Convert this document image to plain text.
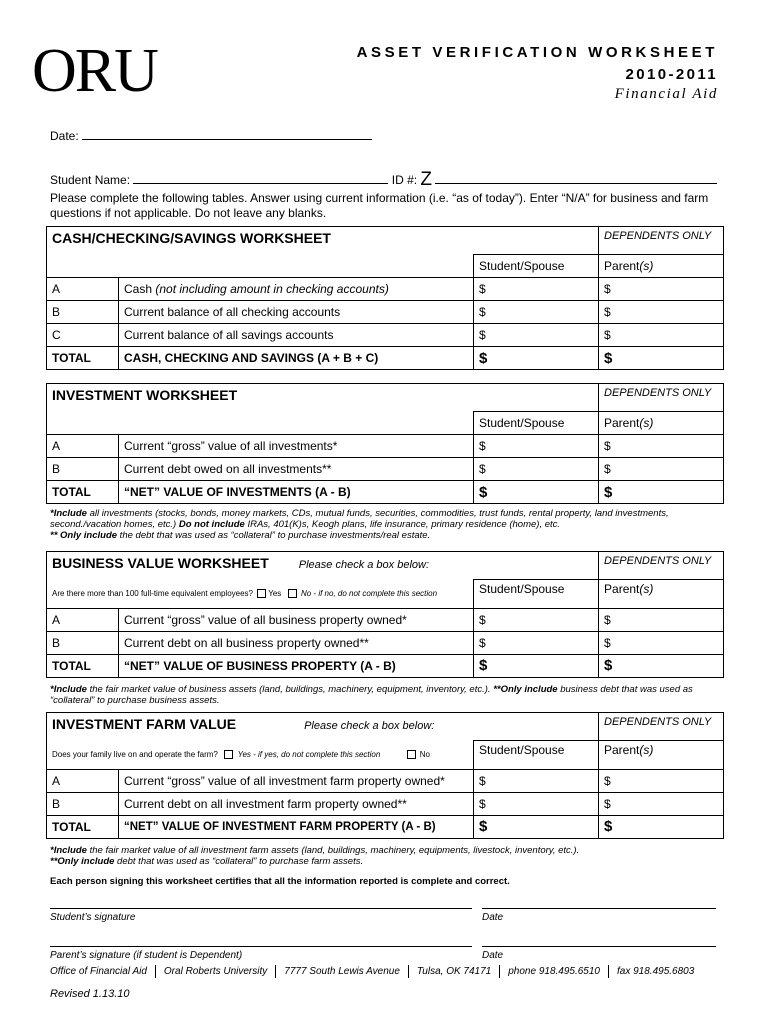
ORU	ASSET VERIFICATION WORKSHEET
2010-2011
Financial Aid
Date:
Student Name:	ID #: Z
Please complete the following tables. Answer using current information (i.e. “as of today”). Enter “N/A” for business and farm questions if not applicable. Do not leave any blanks.
CASH/CHECKING/SAVINGS WORKSHEET			DEPENDENTS ONLY
		Student/Spouse	Parent(s)
A	Cash (not including amount in checking accounts)	$	$
B	Current balance of all checking accounts	$	$
C	Current balance of all savings accounts	$	$
TOTAL	CASH, CHECKING AND SAVINGS (A + B + C)	$	$
INVESTMENT WORKSHEET			DEPENDENTS ONLY
		Student/Spouse	Parent(s)
A	Current “gross” value of all investments*	$	$
B	Current debt owed on all investments**	$	$
TOTAL	“NET” VALUE OF INVESTMENTS (A - B)	$	$
*Include all investments (stocks, bonds, money markets, CDs, mutual funds, securities, commodities, trust funds, rental property, land investments, second./vacation homes, etc.) Do not include IRAs, 401(K)s, Keogh plans, life insurance, primary residence (home), etc.
** Only include the debt that was used as “collateral” to purchase investments/real estate.
BUSINESS VALUE WORKSHEET Please check a box below:			DEPENDENTS ONLY
Are there more than 100 full-time equivalent employees? Yes No - if no, do not complete this section		Student/Spouse	Parent(s)
A	Current “gross” value of all business property owned*	$	$
B	Current debt on all business property owned**	$	$
TOTAL	“NET” VALUE OF BUSINESS PROPERTY (A - B)	$	$
*Include the fair market value of business assets (land, buildings, machinery, equipment, inventory, etc.). **Only include business debt that was used as “collateral” to purchase business assets.
INVESTMENT FARM VALUE Please check a box below:			DEPENDENTS ONLY
Does your family live on and operate the farm? Yes - if yes, do not complete this section No		Student/Spouse	Parent(s)
A	Current “gross” value of all investment farm property owned*	$	$
B	Current debt on all investment farm property owned**	$	$
TOTAL	“NET” VALUE OF INVESTMENT FARM PROPERTY (A - B)	$	$
*Include the fair market value of all investment farm assets (land, buildings, machinery, equipments, livestock, inventory, etc.).
**Only include debt that was used as “collateral” to purchase farm assets.
Each person signing this worksheet certifies that all the information reported is complete and correct.
Student’s signature	Date
Parent’s signature (if student is Dependent)	Date
Office of Financial Aid Oral Roberts University 7777 South Lewis Avenue Tulsa, OK 74171 phone 918.495.6510 fax 918.495.6803
Revised 1.13.10
